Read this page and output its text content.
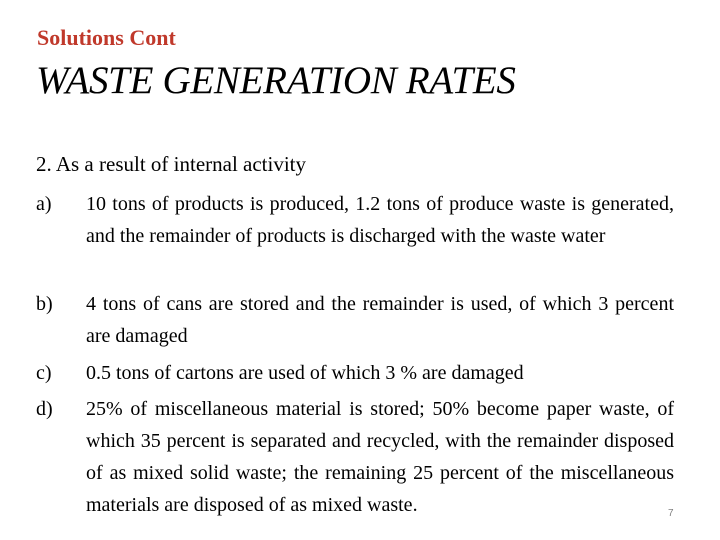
Solutions Cont
WASTE GENERATION RATES
2. As a result of internal activity
a) 10 tons of products is produced, 1.2 tons of produce waste is generated, and the remainder of products is discharged with the waste water
b) 4 tons of cans are stored and the remainder is used, of which 3 percent are damaged
c) 0.5 tons of cartons are used of which 3 % are damaged
d) 25% of miscellaneous material is stored; 50% become paper waste, of which 35 percent is separated and recycled, with the remainder disposed of as mixed solid waste; the remaining 25 percent of the miscellaneous materials are disposed of as mixed waste.	7
